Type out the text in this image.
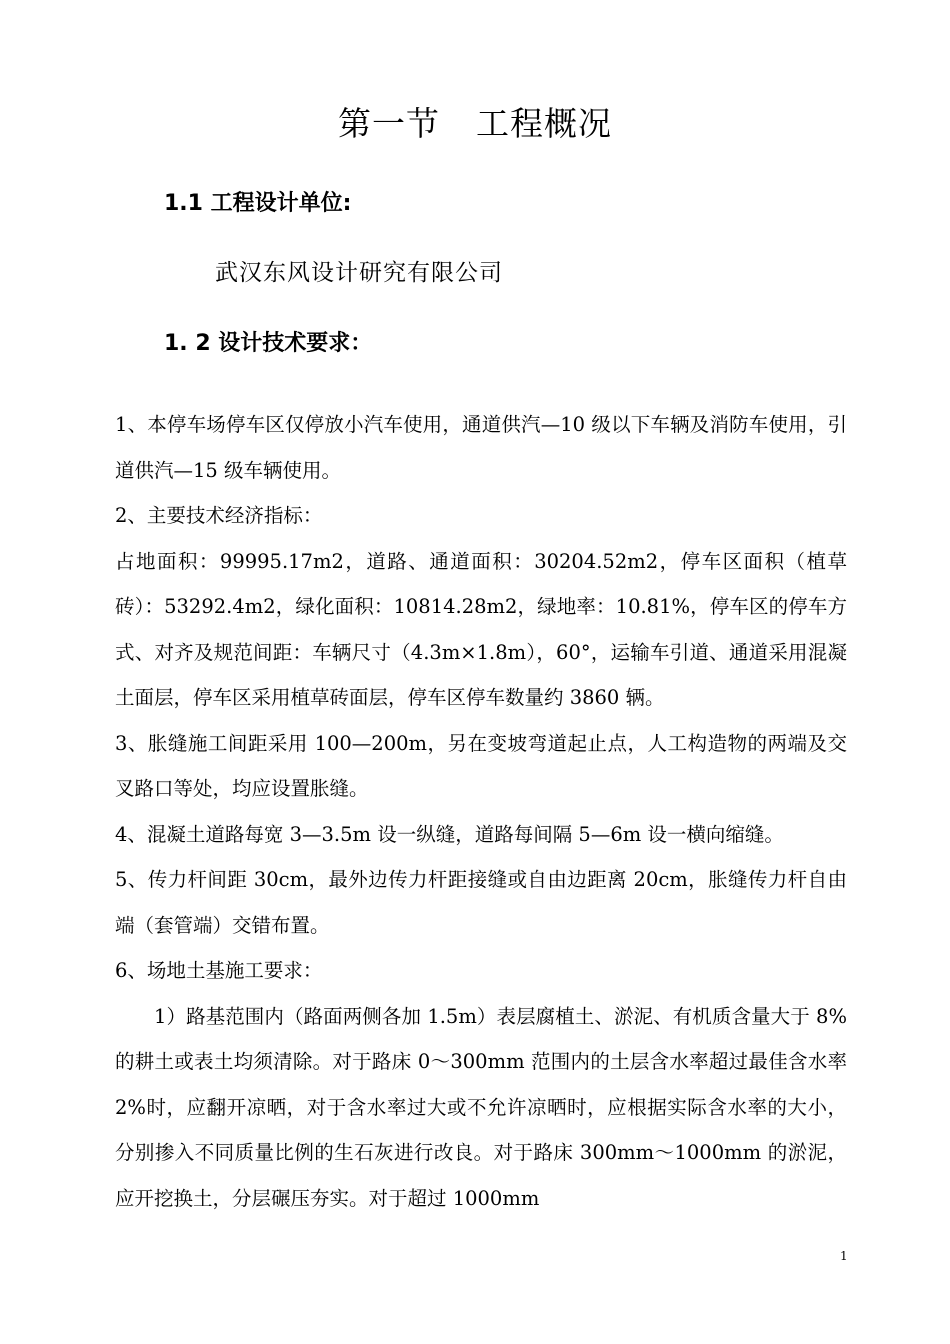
第一节 工程概况
1.1 工程设计单位:
武汉东风设计研究有限公司
1. 2 设计技术要求：

1、本停车场停车区仅停放小汽车使用，通道供汽—10 级以下车辆及消防车使用，引道供汽—15 级车辆使用。

2、主要技术经济指标：

占地面积：99995.17m2，道路、通道面积：30204.52m2，停车区面积（植草砖）：53292.4m2，绿化面积：10814.28m2，绿地率：10.81%，停车区的停车方式、对齐及规范间距：车辆尺寸（4.3m×1.8m），60°，运输车引道、通道采用混凝土面层，停车区采用植草砖面层，停车区停车数量约 3860 辆。

3、胀缝施工间距采用 100—200m，另在变坡弯道起止点，人工构造物的两端及交叉路口等处，均应设置胀缝。

4、混凝土道路每宽 3—3.5m 设一纵缝，道路每间隔 5—6m 设一横向缩缝。

5、传力杆间距 30cm，最外边传力杆距接缝或自由边距离 20cm，胀缝传力杆自由端（套管端）交错布置。

6、场地土基施工要求：

1）路基范围内（路面两侧各加 1.5m）表层腐植土、淤泥、有机质含量大于 8%的耕土或表土均须清除。对于路床 0～300mm 范围内的土层含水率超过最佳含水率 2%时，应翻开凉晒，对于含水率过大或不允许凉晒时，应根据实际含水率的大小，分别掺入不同质量比例的生石灰进行改良。对于路床 300mm～1000mm 的淤泥，应开挖换土，分层碾压夯实。对于超过 1000mm

1
